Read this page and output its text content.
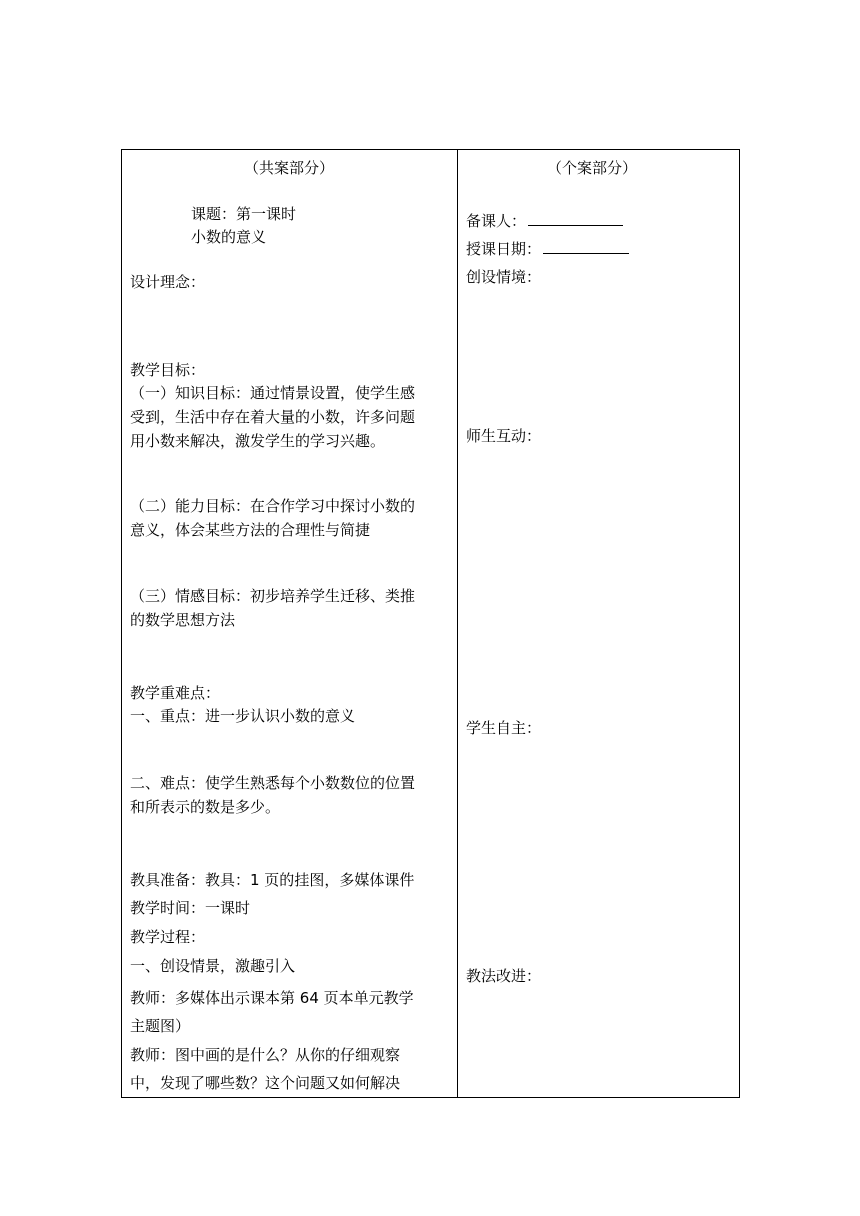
（共案部分）
课题：第一课时
小数的意义
设计理念：
教学目标：
（一）知识目标：通过情景设置，使学生感
受到，生活中存在着大量的小数，许多问题
用小数来解决，激发学生的学习兴趣。
（二）能力目标：在合作学习中探讨小数的
意义，体会某些方法的合理性与简捷
（三）情感目标：初步培养学生迁移、类推
的数学思想方法
教学重难点：
一、重点：进一步认识小数的意义
二、难点：使学生熟悉每个小数数位的位置
和所表示的数是多少。
教具准备：教具：1 页的挂图，多媒体课件
教学时间：一课时
教学过程：
一、创设情景，激趣引入
教师：多媒体出示课本第 64 页本单元教学
主题图）
教师：图中画的是什么？从你的仔细观察
中，发现了哪些数？这个问题又如何解决
（个案部分）
备课人：
授课日期：
创设情境：
师生互动：
学生自主：
教法改进：
